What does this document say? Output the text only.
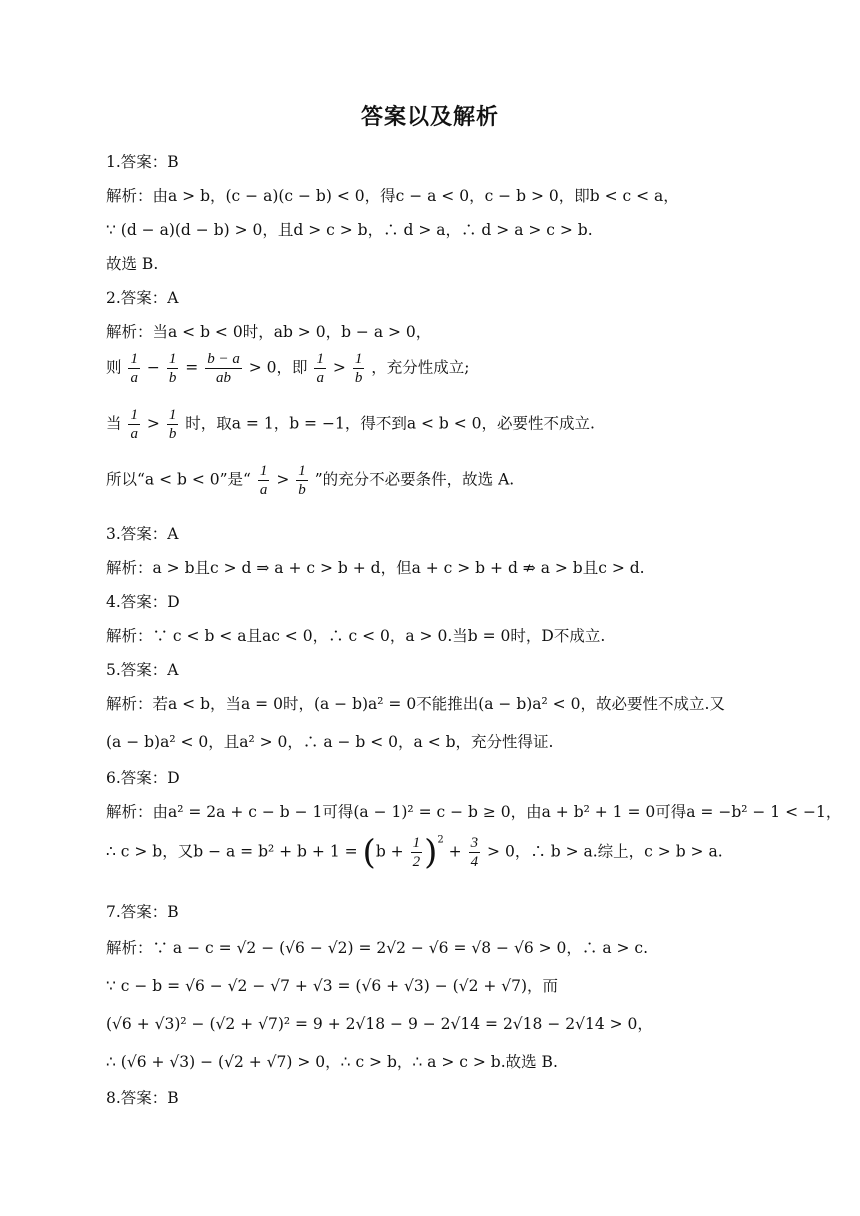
答案以及解析
1.答案：B
解析：由a > b，(c − a)(c − b) < 0，得c − a < 0，c − b > 0，即b < c < a，
∵ (d − a)(d − b) > 0，且d > c > b，∴ d > a，∴ d > a > c > b.
故选 B.
2.答案：A
解析：当a < b < 0时，ab > 0，b − a > 0，
则 $\frac{1}{a} - \frac{1}{b} = \frac{b - a}{ab} > 0$，即 $\frac{1}{a} > \frac{1}{b}$ ，充分性成立;
当 $\frac{1}{a} > \frac{1}{b}$ 时，取a = 1，b = −1，得不到a < b < 0，必要性不成立.
所以“a < b < 0”是“ $\frac{1}{a} > \frac{1}{b}$ ”的充分不必要条件，故选 A.
3.答案：A
解析：a > b且c > d ⇒ a + c > b + d，但a + c > b + d ⇏ a > b且c > d.
4.答案：D
解析：∵ c < b < a且ac < 0，∴ c < 0，a > 0.当b = 0时，D不成立.
5.答案：A
解析：若a < b，当a = 0时，(a − b)a² = 0不能推出(a − b)a² < 0，故必要性不成立.又
(a − b)a² < 0，且a² > 0，∴ a − b < 0，a < b，充分性得证.
6.答案：D
解析：由a² = 2a + c − b − 1可得(a − 1)² = c − b ≥ 0，由a + b² + 1 = 0可得a = −b² − 1 < −1，
∴ c > b，又$b - a = b^2 + b + 1 = (b + \frac{1}{2} )^2 + \frac{3}{4} > 0$，∴ b > a.综上，c > b > a.
7.答案：B
解析：∵ a − c = √2 − (√6 − √2) = 2√2 − √6 = √8 − √6 > 0，∴ a > c.
∵ c − b = √6 − √2 − √7 + √3 = (√6 + √3) − (√2 + √7)，而
(√6 + √3)² − (√2 + √7)² = 9 + 2√18 − 9 − 2√14 = 2√18 − 2√14 > 0，
∴ (√6 + √3) − (√2 + √7) > 0，∴ c > b，∴ a > c > b.故选 B.
8.答案：B
